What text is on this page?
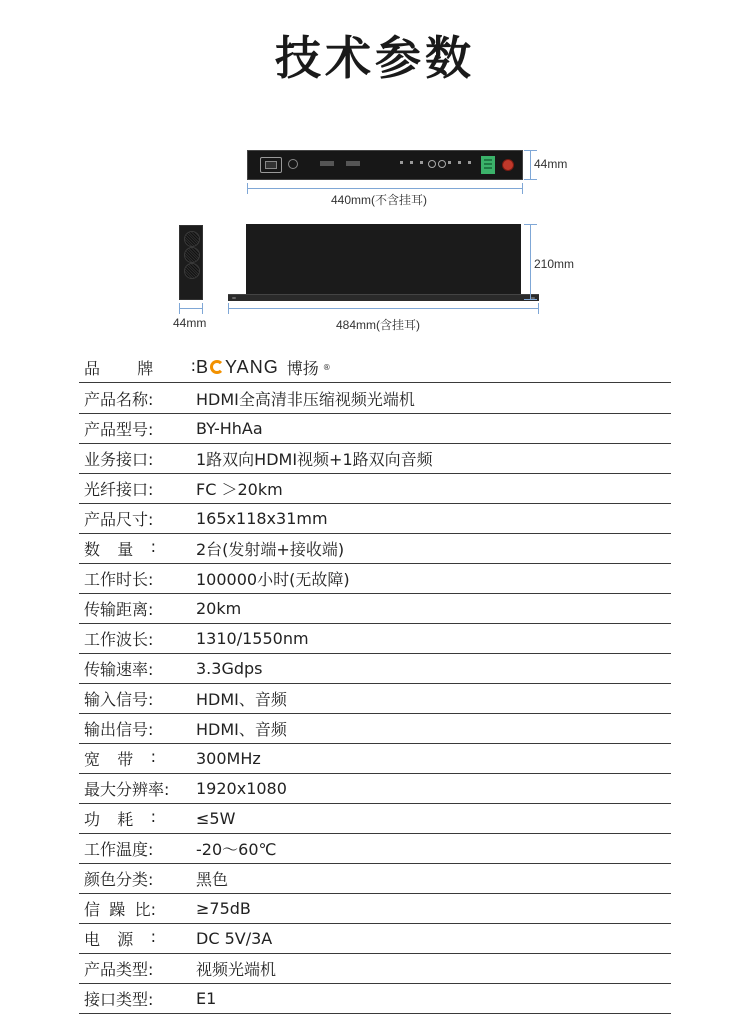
技术参数
44mm
440mm(不含挂耳)
44mm
210mm
484mm(含挂耳)
品 牌 : B YANG 博扬 ®
产品名称:	HDMI全高清非压缩视频光端机
产品型号:	BY-HhAa
业务接口:	1路双向HDMI视频+1路双向音频
光纤接口:	FC ＞20km
产品尺寸:	165x118x31mm
数 量 :	2台(发射端+接收端)
工作时长:	100000小时(无故障)
传输距离:	20km
工作波长:	1310/1550nm
传输速率:	3.3Gdps
输入信号:	HDMI、音频
输出信号:	HDMI、音频
宽 带 :	300MHz
最大分辨率:	1920x1080
功 耗 :	≤5W
工作温度:	-20～60℃
颜色分类:	黑色
信 躁 比:	≥75dB
电 源 :	DC 5V/3A
产品类型:	视频光端机
接口类型:	E1
